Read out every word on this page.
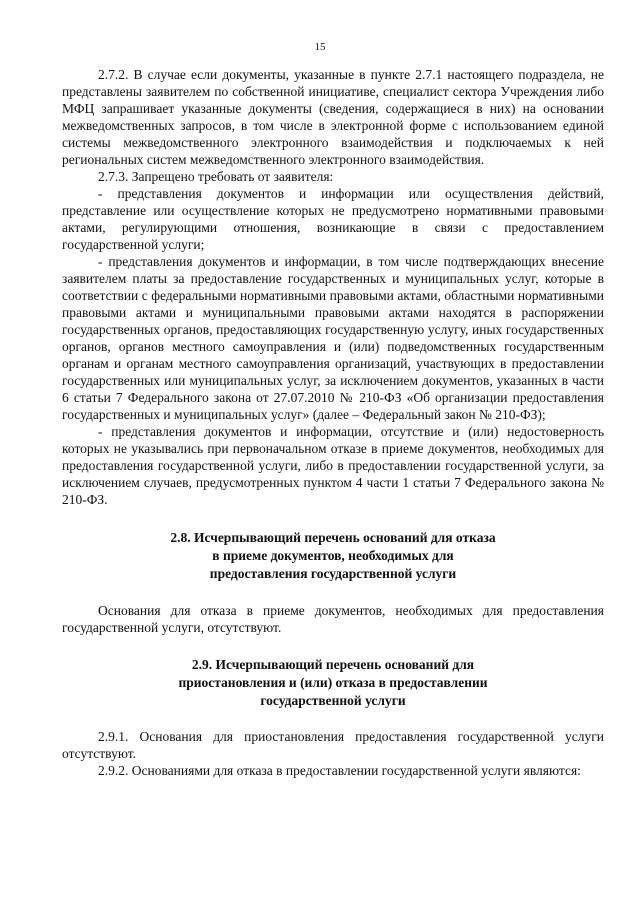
15

2.7.2. В случае если документы, указанные в пункте 2.7.1 настоящего подраздела, не представлены заявителем по собственной инициативе, специалист сектора Учреждения либо МФЦ запрашивает указанные документы (сведения, содержащиеся в них) на основании межведомственных запросов, в том числе в электронной форме с использованием единой системы межведомственного электронного взаимодействия и подключаемых к ней региональных систем межведомственного электронного взаимодействия.

2.7.3. Запрещено требовать от заявителя:

- представления документов и информации или осуществления действий, представление или осуществление которых не предусмотрено нормативными правовыми актами, регулирующими отношения, возникающие в связи с предоставлением государственной услуги;

- представления документов и информации, в том числе подтверждающих внесение заявителем платы за предоставление государственных и муниципальных услуг, которые в соответствии с федеральными нормативными правовыми актами, областными нормативными правовыми актами и муниципальными правовыми актами находятся в распоряжении государственных органов, предоставляющих государственную услугу, иных государственных органов, органов местного самоуправления и (или) подведомственных государственным органам и органам местного самоуправления организаций, участвующих в предоставлении государственных или муниципальных услуг, за исключением документов, указанных в части 6 статьи 7 Федерального закона от 27.07.2010 № 210-ФЗ «Об организации предоставления государственных и муниципальных услуг» (далее – Федеральный закон № 210-ФЗ);

- представления документов и информации, отсутствие и (или) недостоверность которых не указывались при первоначальном отказе в приеме документов, необходимых для предоставления государственной услуги, либо в предоставлении государственной услуги, за исключением случаев, предусмотренных пунктом 4 части 1 статьи 7 Федерального закона № 210-ФЗ.

2.8. Исчерпывающий перечень оснований для отказа
в приеме документов, необходимых для
предоставления государственной услуги

Основания для отказа в приеме документов, необходимых для предоставления государственной услуги, отсутствуют.

2.9. Исчерпывающий перечень оснований для
приостановления и (или) отказа в предоставлении
государственной услуги

2.9.1. Основания для приостановления предоставления государственной услуги отсутствуют.

2.9.2. Основаниями для отказа в предоставлении государственной услуги являются:
